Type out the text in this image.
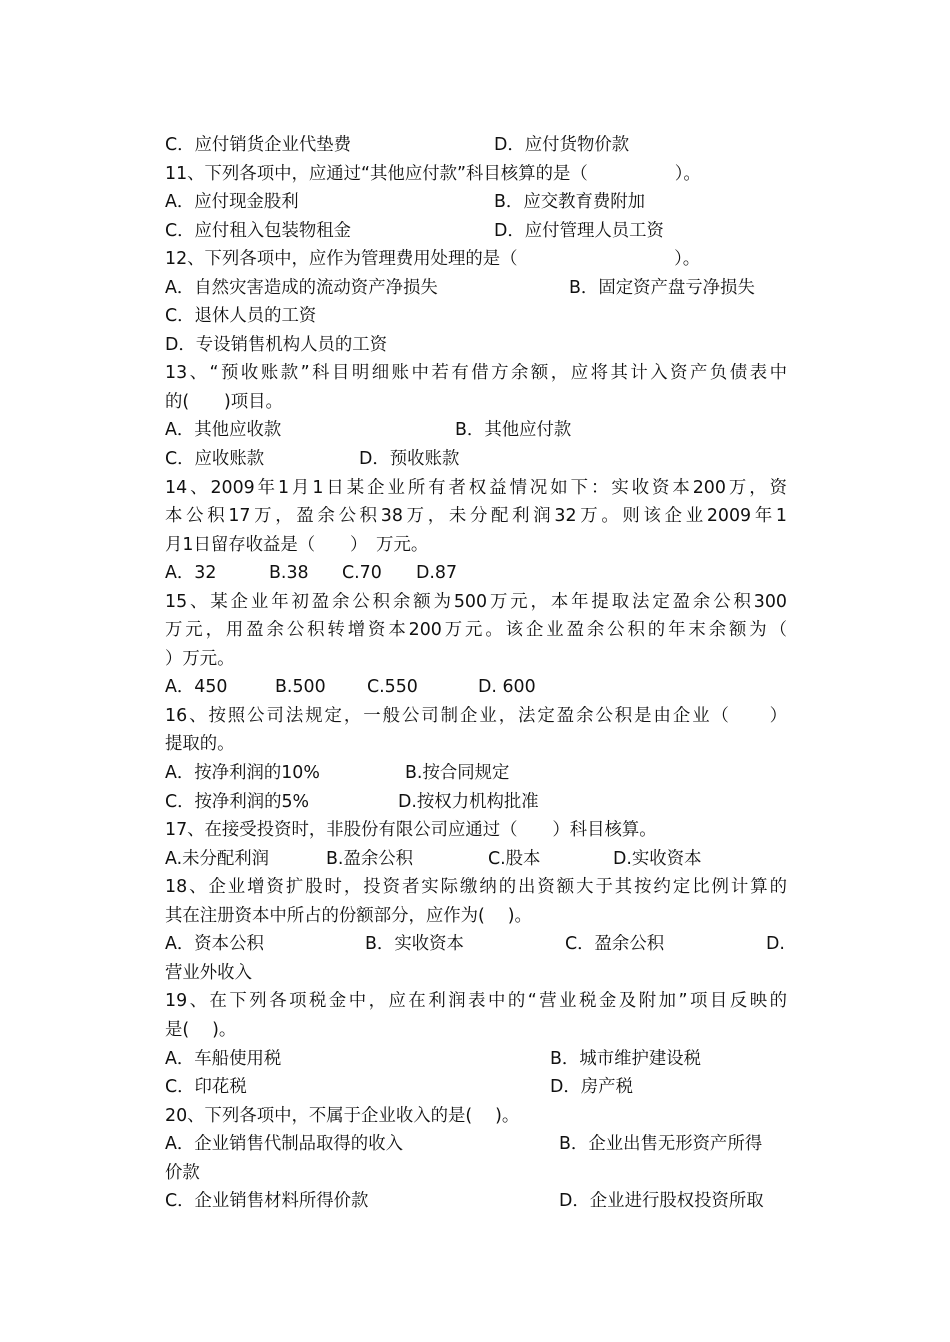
C．应付销货企业代垫费	D．应付货物价款
11、下列各项中，应通过“其他应付款”科目核算的是（　　　　　）。
A．应付现金股利	B．应交教育费附加
C．应付租入包装物租金	D．应付管理人员工资
12、下列各项中，应作为管理费用处理的是（　　　　　　　　　）。
A．自然灾害造成的流动资产净损失	B．固定资产盘亏净损失
C．退休人员的工资
D．专设销售机构人员的工资
13、“预收账款”科目明细账中若有借方余额，应将其计入资产负债表中
的(　　)项目。
A．其他应收款	B．其他应付款
C．应收账款	D．预收账款
14、2009年1月1日某企业所有者权益情况如下：实收资本200万，资
本公积17万，盈余公积38万，未分配利润32万。则该企业2009年1
月1日留存收益是（　　）　万元。
A．32	B.38 C.70 D.87
15、某企业年初盈余公积余额为500万元，本年提取法定盈余公积300
万元，用盈余公积转增资本200万元。该企业盈余公积的年末余额为（
）万元。
A．450	B.500 C.550	D. 600
16、按照公司法规定，一般公司制企业，法定盈余公积是由企业（　　）
提取的。
A．按净利润的10%	B.按合同规定
C．按净利润的5%	D.按权力机构批准
17、在接受投资时，非股份有限公司应通过（　　）科目核算。
A.未分配利润	B.盈余公积	C.股本	D.实收资本
18、企业增资扩股时，投资者实际缴纳的出资额大于其按约定比例计算的
其在注册资本中所占的份额部分，应作为(　 )。
A．资本公积	B．实收资本	C．盈余公积	D.
营业外收入
19、在下列各项税金中，应在利润表中的“营业税金及附加”项目反映的
是(　 )。
A．车船使用税	B．城市维护建设税
C．印花税	D．房产税
20、下列各项中，不属于企业收入的是(　 )。
A．企业销售代制品取得的收入	B．企业出售无形资产所得
价款
C．企业销售材料所得价款	D．企业进行股权投资所取
